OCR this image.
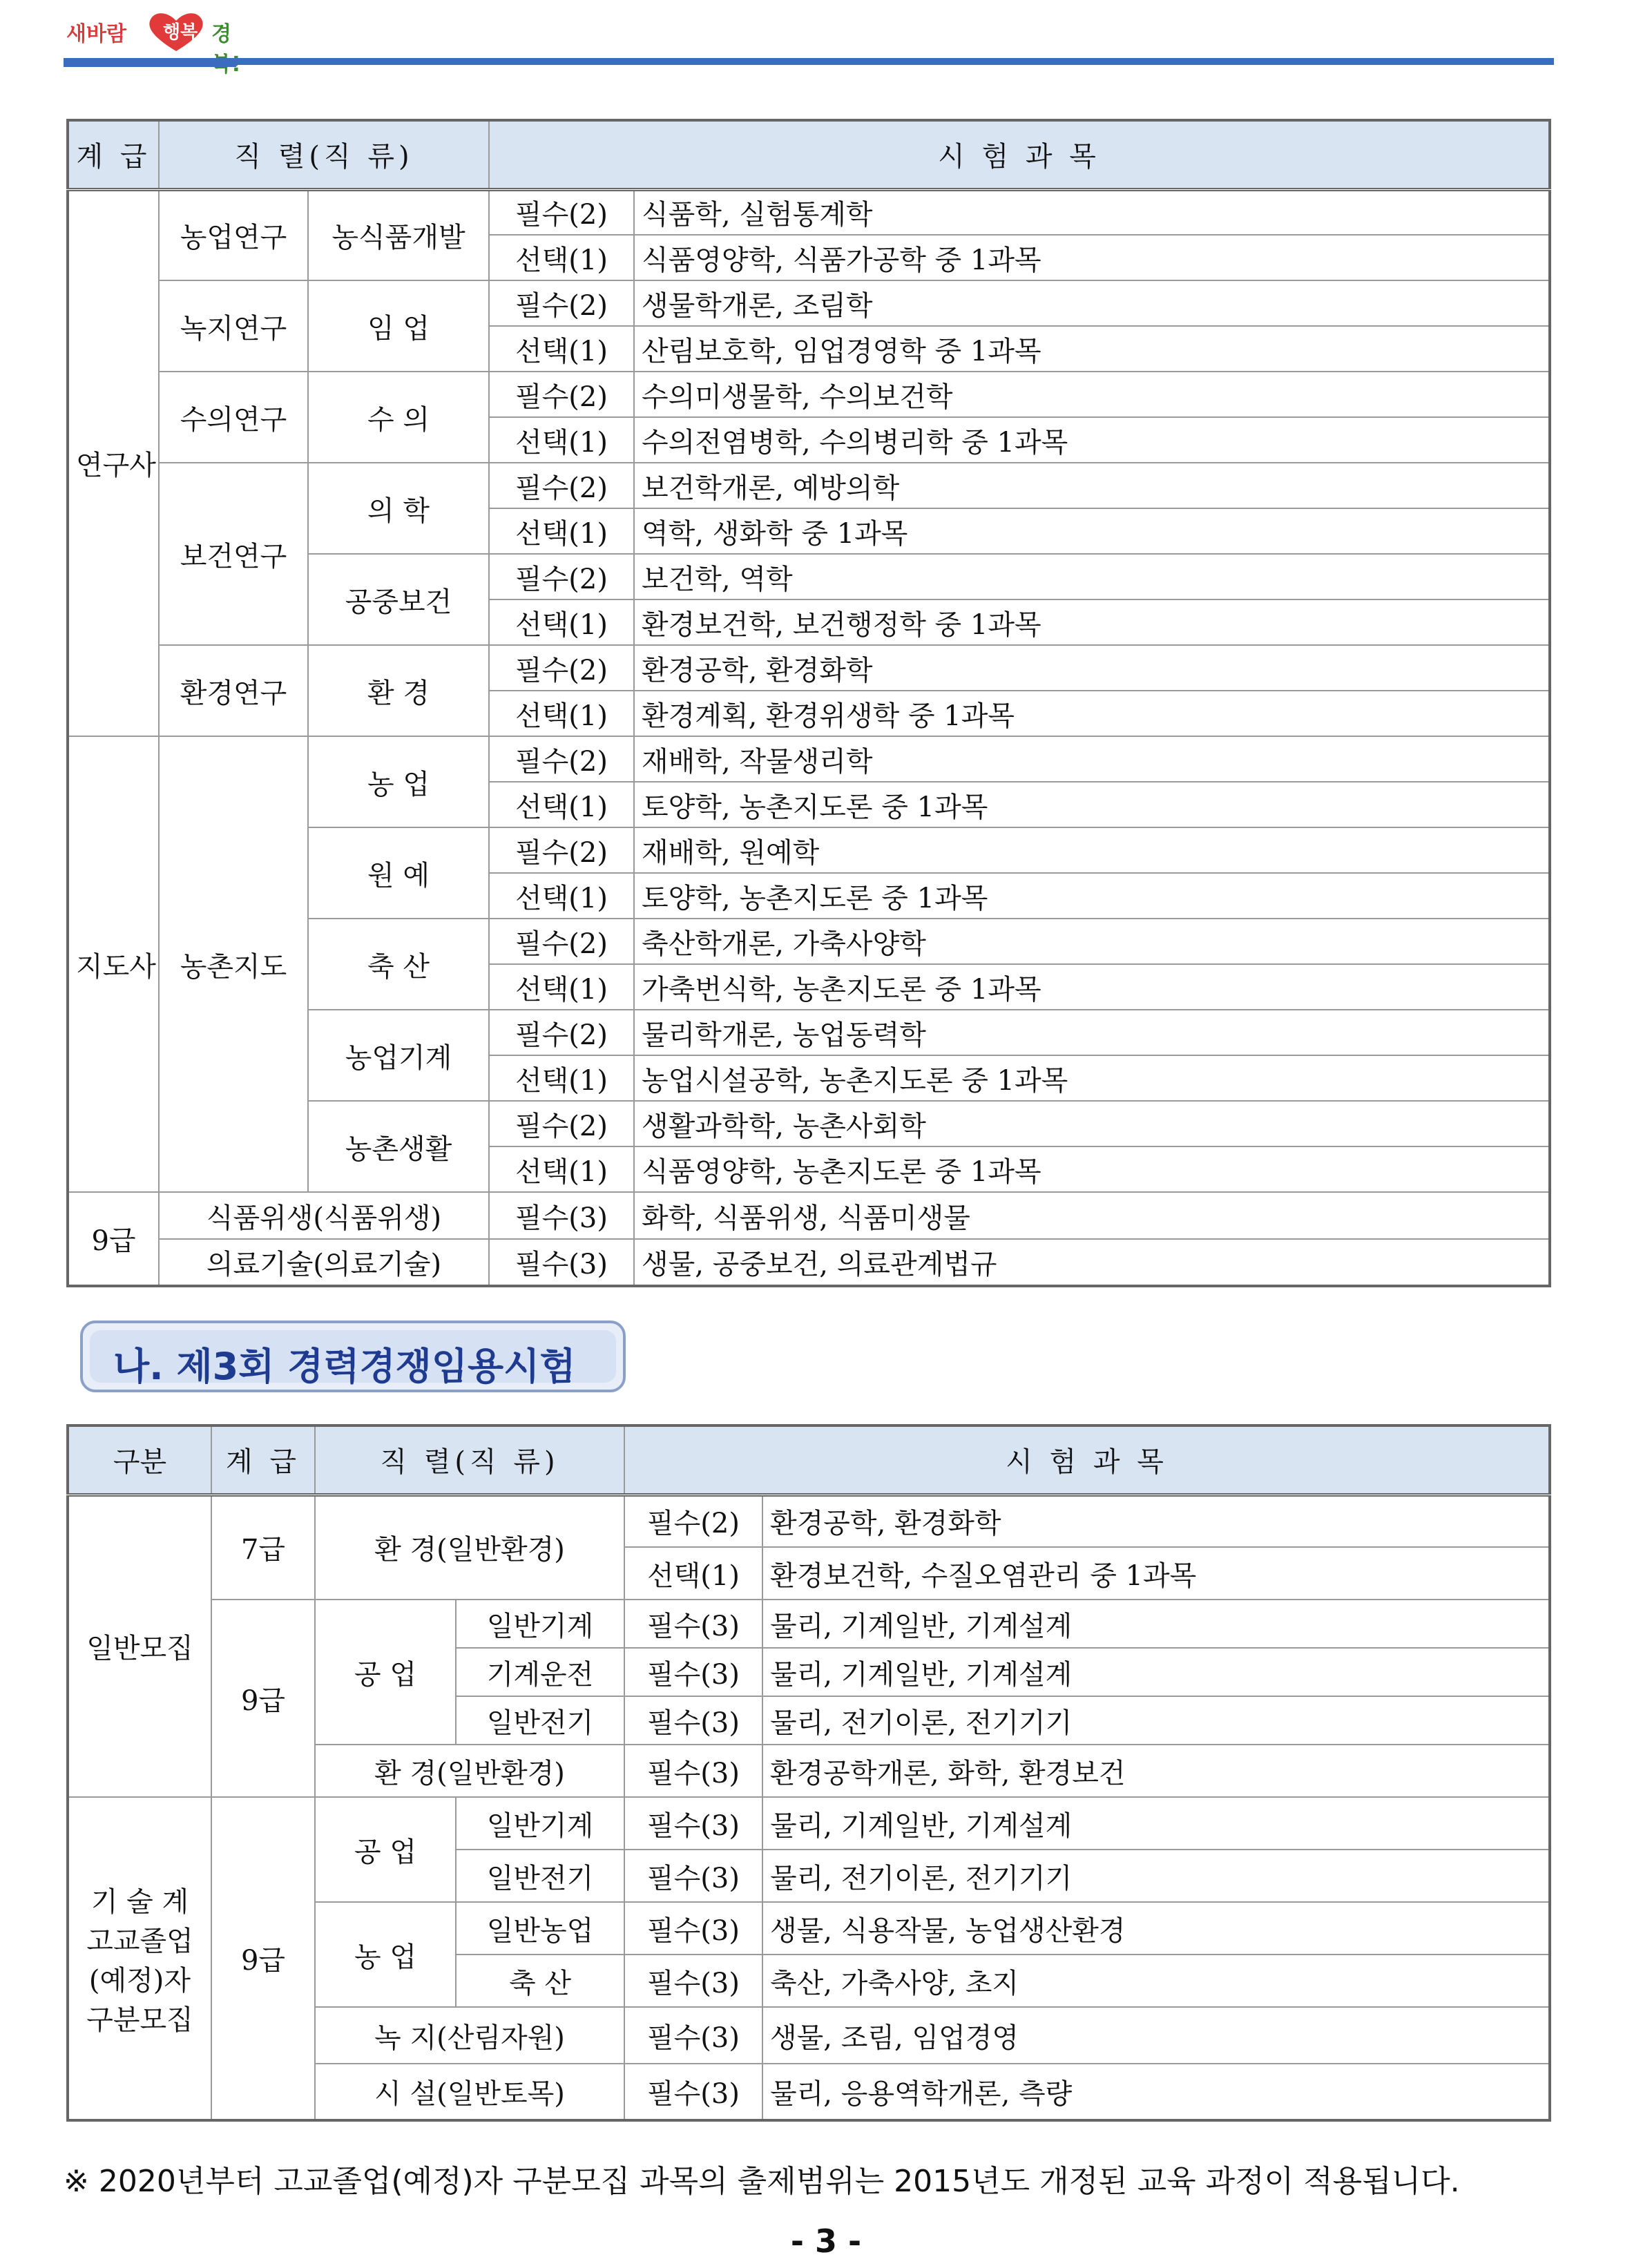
새바람 행복 경
계 급	직 렬(직 류)		시 험 과 목	
연구사	농업연구	농식품개발	필수(2)	식품학, 실험통계학
			선택(1)	식품영양학, 식품가공학 중 1과목
	녹지연구	임 업	필수(2)	생물학개론, 조림학
			선택(1)	산림보호학, 임업경영학 중 1과목
	수의연구	수 의	필수(2)	수의미생물학, 수의보건학
			선택(1)	수의전염병학, 수의병리학 중 1과목
	보건연구	의 학	필수(2)	보건학개론, 예방의학
			선택(1)	역학, 생화학 중 1과목
		공중보건	필수(2)	보건학, 역학
			선택(1)	환경보건학, 보건행정학 중 1과목
	환경연구	환 경	필수(2)	환경공학, 환경화학
			선택(1)	환경계획, 환경위생학 중 1과목
지도사	농촌지도	농 업	필수(2)	재배학, 작물생리학
			선택(1)	토양학, 농촌지도론 중 1과목
		원 예	필수(2)	재배학, 원예학
			선택(1)	토양학, 농촌지도론 중 1과목
		축 산	필수(2)	축산학개론, 가축사양학
			선택(1)	가축번식학, 농촌지도론 중 1과목
		농업기계	필수(2)	물리학개론, 농업동력학
			선택(1)	농업시설공학, 농촌지도론 중 1과목
		농촌생활	필수(2)	생활과학학, 농촌사회학
			선택(1)	식품영양학, 농촌지도론 중 1과목
9급	식품위생(식품위생)		필수(3)	화학, 식품위생, 식품미생물
	의료기술(의료기술)		필수(3)	생물, 공중보건, 의료관계법규
나. 제3회 경력경쟁임용시험
구분	계 급	직 렬(직 류)		시 험 과 목	
일반모집	7급	환 경(일반환경)		필수(2)	환경공학, 환경화학
				선택(1)	환경보건학, 수질오염관리 중 1과목
	9급	공 업	일반기계	필수(3)	물리, 기계일반, 기계설계
			기계운전	필수(3)	물리, 기계일반, 기계설계
			일반전기	필수(3)	물리, 전기이론, 전기기기
		환 경(일반환경)		필수(3)	환경공학개론, 화학, 환경보건

기 술 계
고교졸업
(예정)자
구분모집	9급	공 업	일반기계	필수(3)	물리, 기계일반, 기계설계
			일반전기	필수(3)	물리, 전기이론, 전기기기
		농 업	일반농업	필수(3)	생물, 식용작물, 농업생산환경
			축 산	필수(3)	축산, 가축사양, 초지
		녹 지(산림자원)		필수(3)	생물, 조림, 임업경영
		시 설(일반토목)		필수(3)	물리, 응용역학개론, 측량
※ 2020년부터 고교졸업(예정)자 구분모집 과목의 출제범위는 2015년도 개정된 교육 과정이 적용됩니다.
- 3 -
